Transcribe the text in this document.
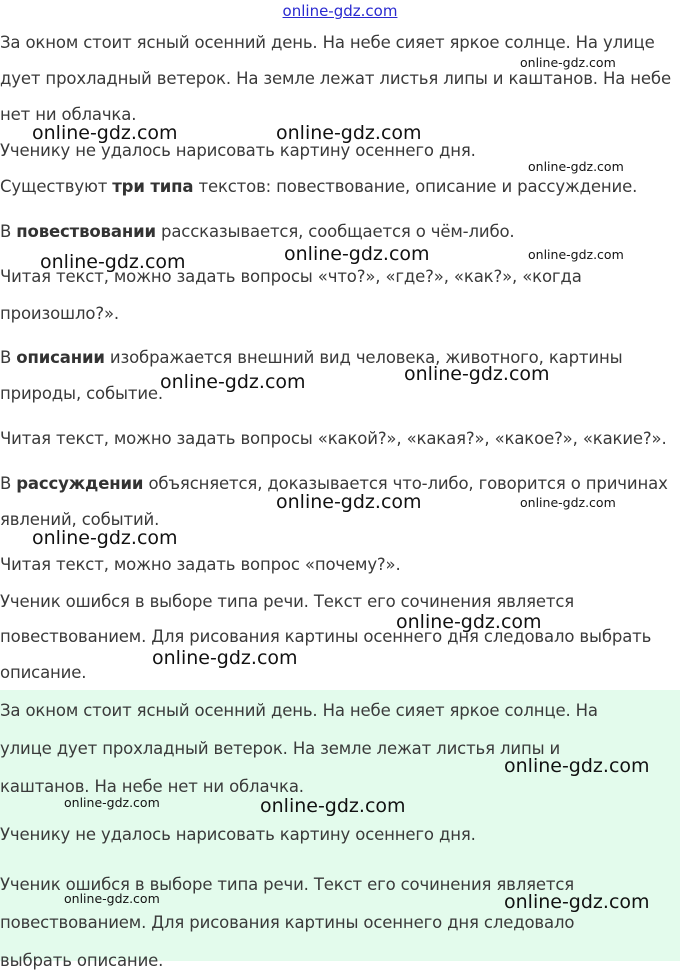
online-gdz.com

За окном стоит ясный осенний день. На небе сияет яркое солнце. На улице

дует прохладный ветерок. На земле лежат листья липы и каштанов. На небе

нет ни облачка.

Ученику не удалось нарисовать картину осеннего дня.

Существуют три типа текстов: повествование, описание и рассуждение.

В повествовании рассказывается, сообщается о чём-либо.

Читая текст, можно задать вопросы «что?», «где?», «как?», «когда

произошло?».

В описании изображается внешний вид человека, животного, картины

природы, событие.

Читая текст, можно задать вопросы «какой?», «какая?», «какое?», «какие?».

В рассуждении объясняется, доказывается что-либо, говорится о причинах

явлений, событий.

Читая текст, можно задать вопрос «почему?».

Ученик ошибся в выборе типа речи. Текст его сочинения является

повествованием. Для рисования картины осеннего дня следовало выбрать

описание.

За окном стоит ясный осенний день. На небе сияет яркое солнце. На

улице дует прохладный ветерок. На земле лежат листья липы и

каштанов. На небе нет ни облачка.

Ученику не удалось нарисовать картину осеннего дня.

Ученик ошибся в выборе типа речи. Текст его сочинения является

повествованием. Для рисования картины осеннего дня следовало

выбрать описание.

online-gdz.com	online-gdz.com
online-gdz.com
online-gdz.com
online-gdz.com	online-gdz.com
online-gdz.com
online-gdz.com
online-gdz.com
online-gdz.com	online-gdz.com
online-gdz.com
online-gdz.com
online-gdz.com
online-gdz.com
online-gdz.com	online-gdz.com
online-gdz.com	online-gdz.com
